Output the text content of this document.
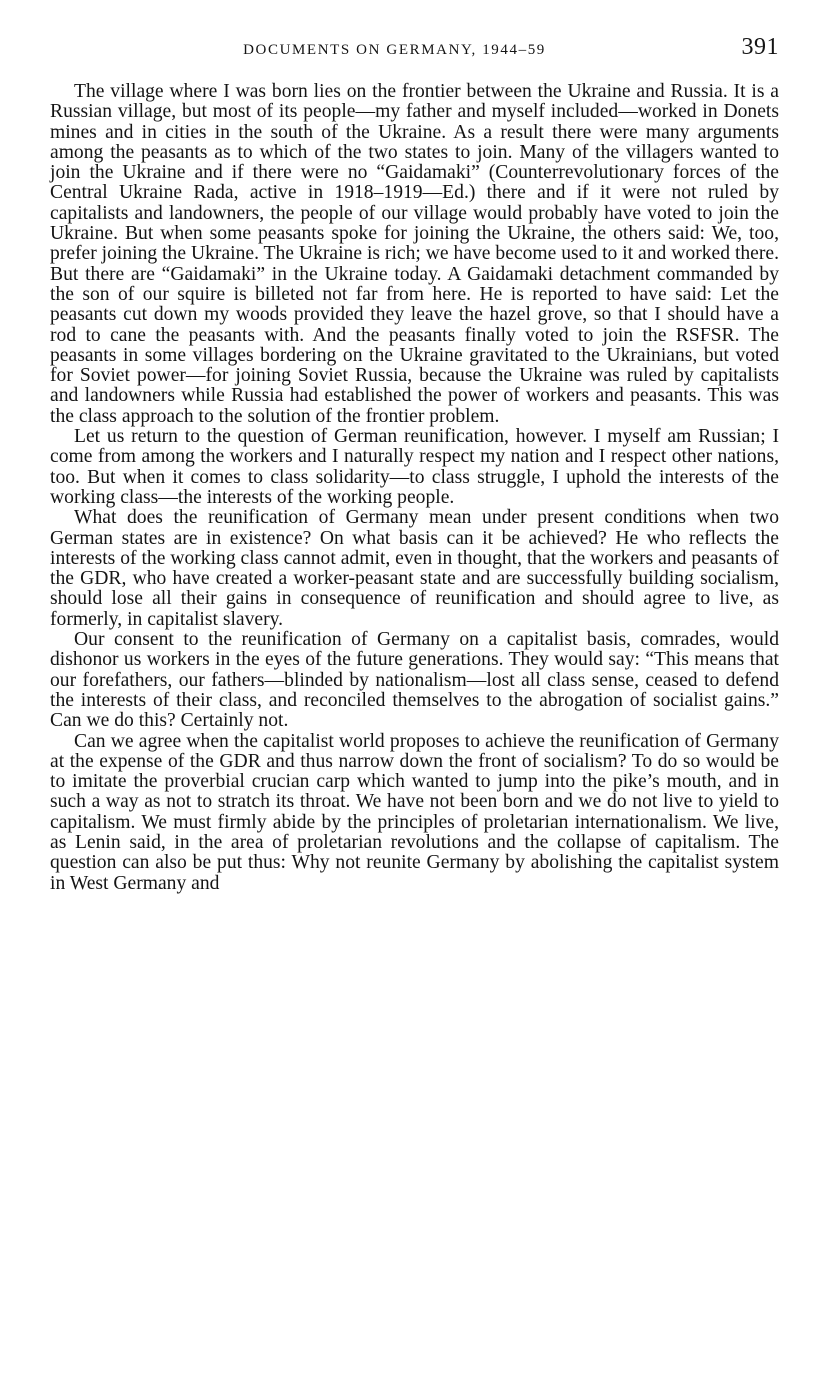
DOCUMENTS ON GERMANY, 1944–59	391

The village where I was born lies on the frontier between the Ukraine and Russia. It is a Russian village, but most of its people—my father and myself included—worked in Donets mines and in cities in the south of the Ukraine. As a result there were many arguments among the peasants as to which of the two states to join. Many of the villagers wanted to join the Ukraine and if there were no “Gaidamaki” (Counterrevolutionary forces of the Central Ukraine Rada, active in 1918–1919—Ed.) there and if it were not ruled by capitalists and landowners, the people of our village would probably have voted to join the Ukraine. But when some peasants spoke for joining the Ukraine, the others said: We, too, prefer joining the Ukraine. The Ukraine is rich; we have become used to it and worked there. But there are “Gaidamaki” in the Ukraine today. A Gaidamaki detachment commanded by the son of our squire is billeted not far from here. He is reported to have said: Let the peasants cut down my woods provided they leave the hazel grove, so that I should have a rod to cane the peasants with. And the peasants finally voted to join the RSFSR. The peasants in some villages bordering on the Ukraine gravitated to the Ukrainians, but voted for Soviet power—for joining Soviet Russia, because the Ukraine was ruled by capitalists and landowners while Russia had established the power of workers and peasants. This was the class approach to the solution of the frontier problem.

Let us return to the question of German reunification, however. I myself am Russian; I come from among the workers and I naturally respect my nation and I respect other nations, too. But when it comes to class solidarity—to class struggle, I uphold the interests of the working class—the interests of the working people.

What does the reunification of Germany mean under present conditions when two German states are in existence? On what basis can it be achieved? He who reflects the interests of the working class cannot admit, even in thought, that the workers and peasants of the GDR, who have created a worker-peasant state and are successfully building socialism, should lose all their gains in consequence of reunification and should agree to live, as formerly, in capitalist slavery.

Our consent to the reunification of Germany on a capitalist basis, comrades, would dishonor us workers in the eyes of the future generations. They would say: “This means that our forefathers, our fathers—blinded by nationalism—lost all class sense, ceased to defend the interests of their class, and reconciled themselves to the abrogation of socialist gains.” Can we do this? Certainly not.

Can we agree when the capitalist world proposes to achieve the reunification of Germany at the expense of the GDR and thus narrow down the front of socialism? To do so would be to imitate the proverbial crucian carp which wanted to jump into the pike’s mouth, and in such a way as not to stratch its throat. We have not been born and we do not live to yield to capitalism. We must firmly abide by the principles of proletarian internationalism. We live, as Lenin said, in the area of proletarian revolutions and the collapse of capitalism. The question can also be put thus: Why not reunite Germany by abolishing the capitalist system in West Germany and
